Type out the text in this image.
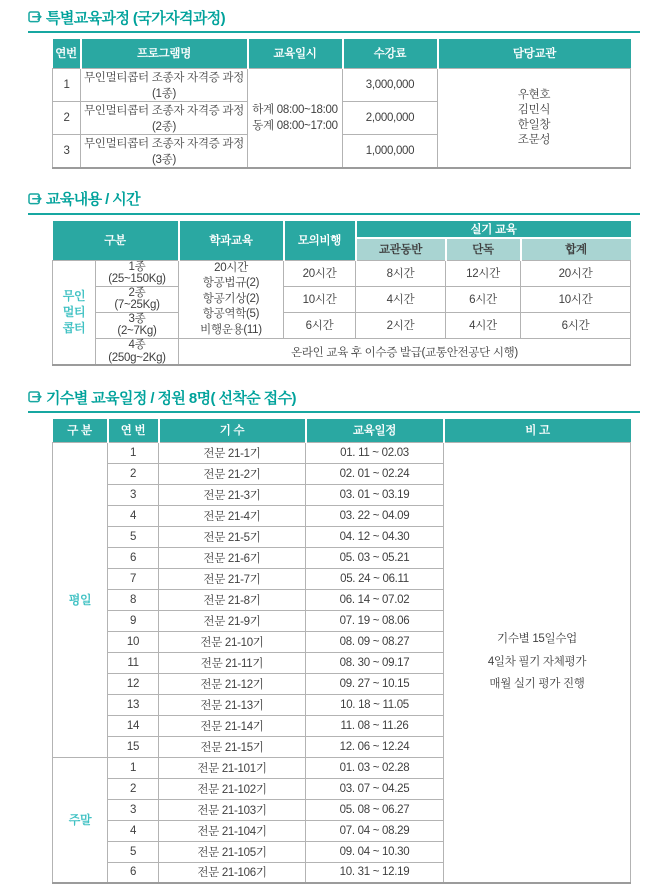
특별교육과정 (국가자격과정)
연번	프로그램명	교육일시	수강료	담당교관
1	무인멀티콥터 조종자 자격증 과정 (1종)	
하계 08:00~18:00
동계 08:00~17:00
	3,000,000	
우현호
김민식
한일창
조문성

2	무인멀티콥터 조종자 자격증 과정 (2종)		2,000,000	
3	무인멀티콥터 조종자 자격증 과정 (3종)		1,000,000	
교육내용 / 시간
구분		학과교육	모의비행	실기 교육		
				교관동반	단독	합계

무인
멀티
콥터

1종
(25~150Kg)

20시간
항공법규(2)
항공기상(2)
항공역학(5)
비행운용(11)
	20시간	8시간	12시간	20시간

	2종
(7~25Kg)		10시간	4시간	6시간	10시간

	3종
(2~7Kg)		6시간	2시간	4시간	6시간

	4종
(250g~2Kg)	온라인 교육 후 이수증 발급(교통안전공단 시행)				
기수별 교육일정 / 정원 8명( 선착순 접수)
구 분	연 번	기 수	교육일정	비 고
평일	1	전문 21-1기	01. 11 ~ 02.03	기수별 15일수업
4일차 필기 자체평가
매월 실기 평가 진행

	2	전문 21-2기	02. 01 ~ 02.24	
	3	전문 21-3기	03. 01 ~ 03.19	
	4	전문 21-4기	03. 22 ~ 04.09	
	5	전문 21-5기	04. 12 ~ 04.30	
	6	전문 21-6기	05. 03 ~ 05.21	
	7	전문 21-7기	05. 24 ~ 06.11	
	8	전문 21-8기	06. 14 ~ 07.02	
	9	전문 21-9기	07. 19 ~ 08.06	
	10	전문 21-10기	08. 09 ~ 08.27	
	11	전문 21-11기	08. 30 ~ 09.17	
	12	전문 21-12기	09. 27 ~ 10.15	
	13	전문 21-13기	10. 18 ~ 11.05	
	14	전문 21-14기	11. 08 ~ 11.26	
	15	전문 21-15기	12. 06 ~ 12.24	
주말	1	전문 21-101기	01. 03 ~ 02.28	
	2	전문 21-102기	03. 07 ~ 04.25	
	3	전문 21-103기	05. 08 ~ 06.27	
	4	전문 21-104기	07. 04 ~ 08.29	
	5	전문 21-105기	09. 04 ~ 10.30	
	6	전문 21-106기	10. 31 ~ 12.19	
